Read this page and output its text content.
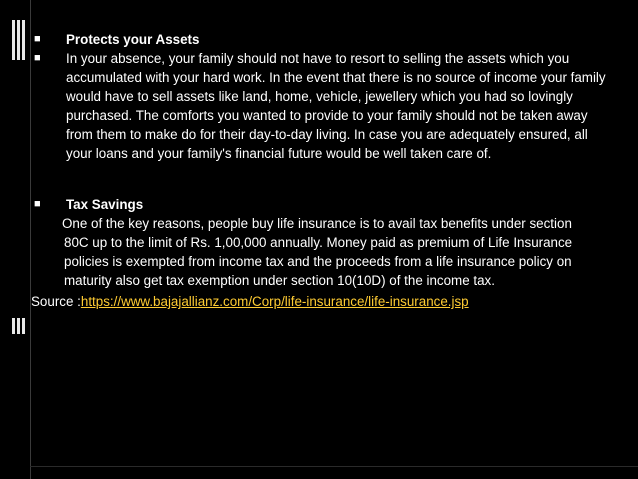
■	Protects your Assets
■	In your absence, your family should not have to resort to selling the assets which you accumulated with your hard work. In the event that there is no source of income your family would have to sell assets like land, home, vehicle, jewellery which you had so lovingly purchased. The comforts you wanted to provide to your family should not be taken away from them to make do for their day-to-day living. In case you are adequately ensured, all your loans and your family's financial future would be well taken care of.
■	Tax Savings
One of the key reasons, people buy life insurance is to avail tax benefits under section 80C up to the limit of Rs. 1,00,000 annually. Money paid as premium of Life Insurance policies is exempted from income tax and the proceeds from a life insurance policy on maturity also get tax exemption under section 10(10D) of the income tax.
Source :https://www.bajajallianz.com/Corp/life-insurance/life-insurance.jsp
